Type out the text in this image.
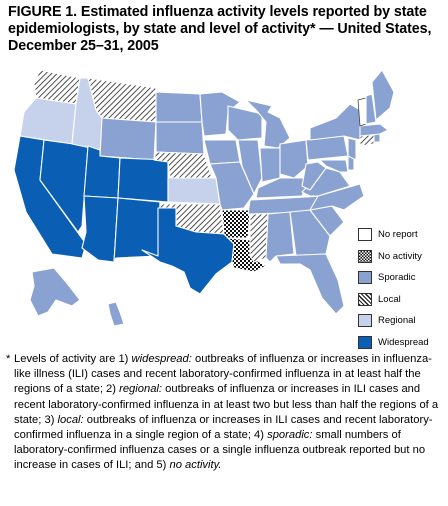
FIGURE 1. Estimated influenza activity levels reported by state epidemiologists, by state and level of activity* — United States, December 25–31, 2005
No report
No activity
Sporadic
Local
Regional
Widespread
* Levels of activity are 1) widespread: outbreaks of influenza or increases in influenza-like illness (ILI) cases and recent laboratory-confirmed influenza in at least half the regions of a state; 2) regional: outbreaks of influenza or increases in ILI cases and recent laboratory-confirmed influenza in at least two but less than half the regions of a state; 3) local: outbreaks of influenza or increases in ILI cases and recent laboratory-confirmed influenza in a single region of a state; 4) sporadic: small numbers of laboratory-confirmed influenza cases or a single influenza outbreak reported but no increase in cases of ILI; and 5) no activity.
